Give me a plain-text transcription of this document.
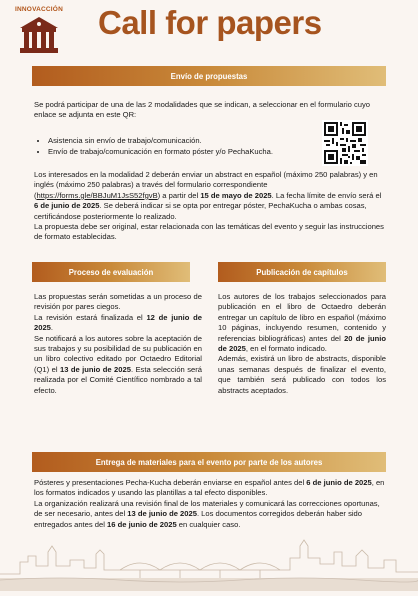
INNOVACCIÓN Call for papers
Envío de propuestas
Se podrá participar de una de las 2 modalidades que se indican, a seleccionar en el formulario cuyo enlace se adjunta en este QR:
• Asistencia sin envío de trabajo/comunicación.
• Envío de trabajo/comunicación en formato póster y/o PechaKucha.
Los interesados en la modalidad 2 deberán enviar un abstract en español (máximo 250 palabras) y en inglés (máximo 250 palabras) a través del formulario correspondiente (https://forms.gle/BBJuM1JsS52fgvB) a partir del 15 de mayo de 2025. La fecha límite de envío será el 6 de junio de 2025. Se deberá indicar si se opta por entregar póster, PechaKucha o ambas cosas, certificándose posteriormente lo realizado.
La propuesta debe ser original, estar relacionada con las temáticas del evento y seguir las instrucciones de formato establecidas.
Proceso de evaluación
Las propuestas serán sometidas a un proceso de revisión por pares ciegos.
La revisión estará finalizada el 12 de junio de 2025.
Se notificará a los autores sobre la aceptación de sus trabajos y su posibilidad de su publicación en un libro colectivo editado por Octaedro Editorial (Q1) el 13 de junio de 2025. Esta selección será realizada por el Comité Científico nombrado a tal efecto.
Publicación de capítulos
Los autores de los trabajos seleccionados para publicación en el libro de Octaedro deberán entregar un capítulo de libro en español (máximo 10 páginas, incluyendo resumen, contenido y referencias bibliográficas) antes del 20 de junio de 2025, en el formato indicado.
Además, existirá un libro de abstracts, disponible unas semanas después de finalizar el evento, que también será publicado con todos los abstracts aceptados.
Entrega de materiales para el evento por parte de los autores
Pósteres y presentaciones Pecha-Kucha deberán enviarse en español antes del 6 de junio de 2025, en los formatos indicados y usando las plantillas a tal efecto disponibles.
La organización realizará una revisión final de los materiales y comunicará las correcciones oportunas, de ser necesario, antes del 13 de junio de 2025. Los documentos corregidos deberán haber sido entregados antes del 16 de junio de 2025 en cualquier caso.
